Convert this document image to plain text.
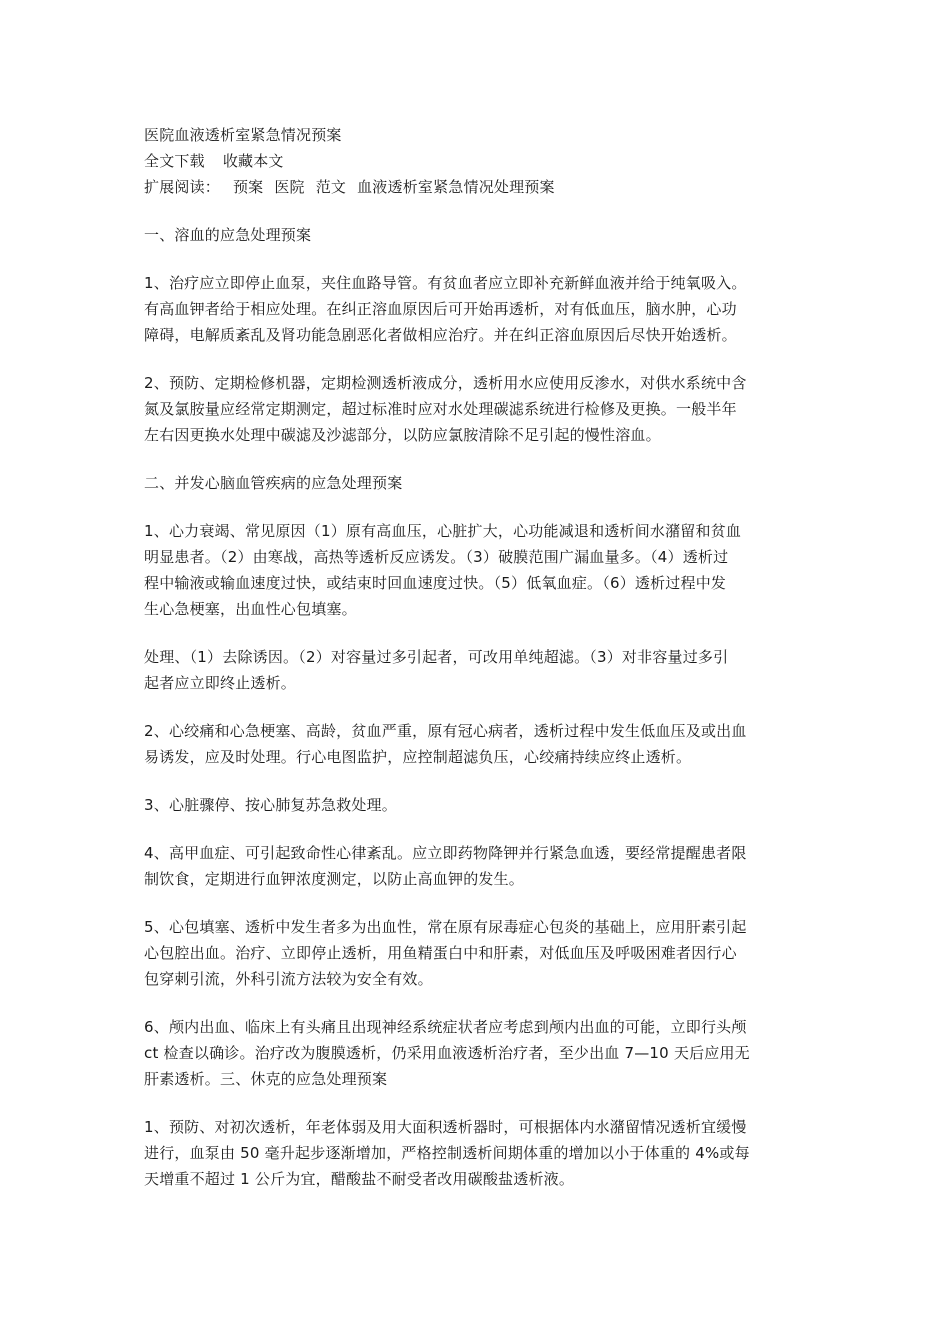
医院血液透析室紧急情况预案
全文下载 收藏本文
扩展阅读： 预案 医院 范文 血液透析室紧急情况处理预案
一、溶血的应急处理预案
1、治疗应立即停止血泵，夹住血路导管。有贫血者应立即补充新鲜血液并给于纯氧吸入。
有高血钾者给于相应处理。在纠正溶血原因后可开始再透析，对有低血压，脑水肿，心功
障碍，电解质紊乱及肾功能急剧恶化者做相应治疗。并在纠正溶血原因后尽快开始透析。
2、预防、定期检修机器，定期检测透析液成分，透析用水应使用反渗水，对供水系统中含
氮及氯胺量应经常定期测定，超过标准时应对水处理碳滤系统进行检修及更换。一般半年
左右因更换水处理中碳滤及沙滤部分，以防应氯胺清除不足引起的慢性溶血。
二、并发心脑血管疾病的应急处理预案
1、心力衰竭、常见原因（1）原有高血压，心脏扩大，心功能减退和透析间水潴留和贫血
明显患者。（2）由寒战，高热等透析反应诱发。（3）破膜范围广漏血量多。（4）透析过
程中输液或输血速度过快，或结束时回血速度过快。（5）低氧血症。（6）透析过程中发
生心急梗塞，出血性心包填塞。
处理、（1）去除诱因。（2）对容量过多引起者，可改用单纯超滤。（3）对非容量过多引
起者应立即终止透析。
2、心绞痛和心急梗塞、高龄，贫血严重，原有冠心病者，透析过程中发生低血压及或出血
易诱发，应及时处理。行心电图监护，应控制超滤负压，心绞痛持续应终止透析。
3、心脏骤停、按心肺复苏急救处理。
4、高甲血症、可引起致命性心律紊乱。应立即药物降钾并行紧急血透，要经常提醒患者限
制饮食，定期进行血钾浓度测定，以防止高血钾的发生。
5、心包填塞、透析中发生者多为出血性，常在原有尿毒症心包炎的基础上，应用肝素引起
心包腔出血。治疗、立即停止透析，用鱼精蛋白中和肝素，对低血压及呼吸困难者因行心
包穿刺引流，外科引流方法较为安全有效。
6、颅内出血、临床上有头痛且出现神经系统症状者应考虑到颅内出血的可能，立即行头颅
ct 检查以确诊。治疗改为腹膜透析，仍采用血液透析治疗者，至少出血 7—10 天后应用无
肝素透析。三、休克的应急处理预案
1、预防、对初次透析，年老体弱及用大面积透析器时，可根据体内水潴留情况透析宜缓慢
进行，血泵由 50 毫升起步逐渐增加，严格控制透析间期体重的增加以小于体重的 4%或每
天增重不超过 1 公斤为宜，醋酸盐不耐受者改用碳酸盐透析液。
